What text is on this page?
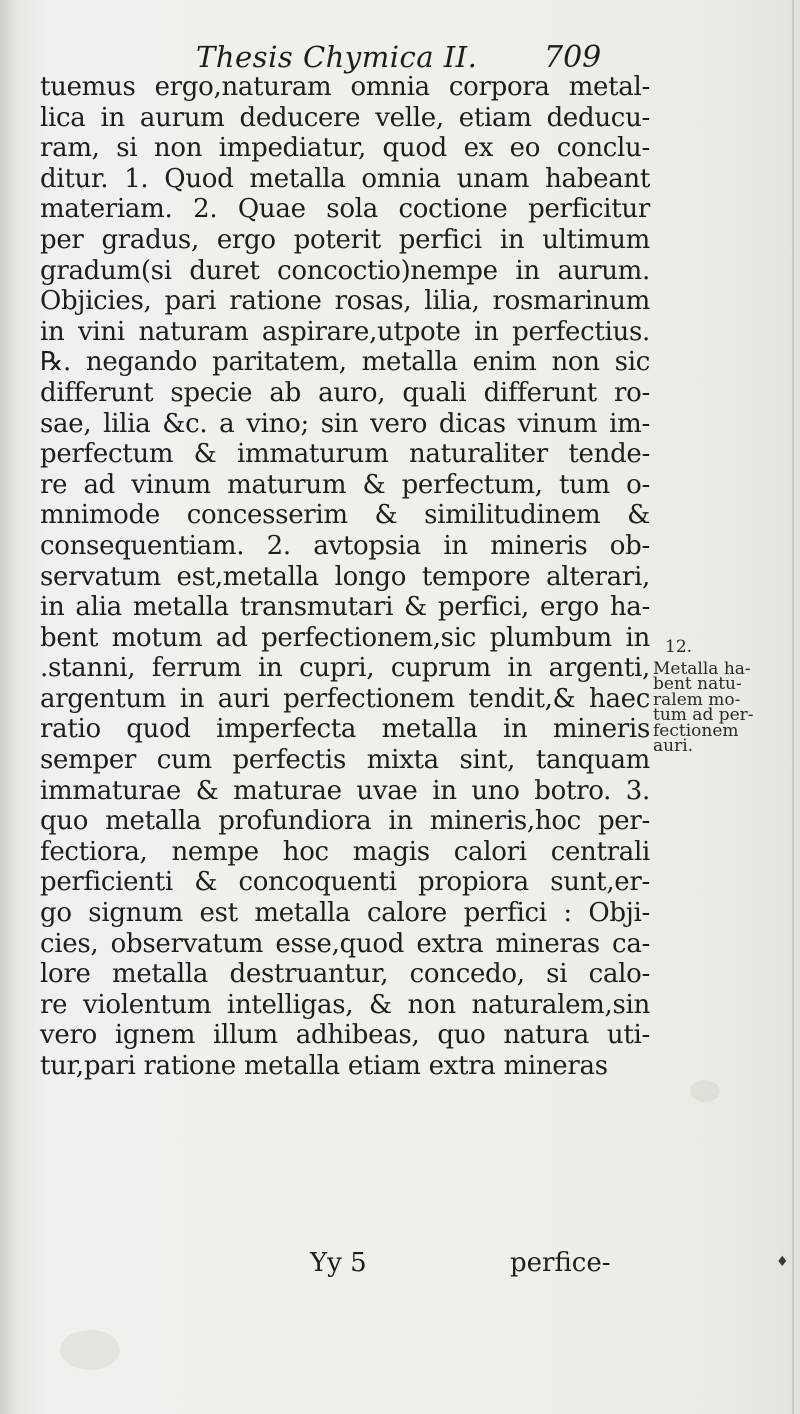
Thesis Chymica II. 709
tuemus ergo,naturam omnia corpora metal-
lica in aurum deducere velle, etiam deducu-
ram, si non impediatur, quod ex eo conclu-
ditur. 1. Quod metalla omnia unam habeant
materiam. 2. Quae sola coctione perficitur
per gradus, ergo poterit perfici in ultimum
gradum(si duret concoctio)nempe in aurum.
Objicies, pari ratione rosas, lilia, rosmarinum
in vini naturam aspirare,utpote in perfectius.
℞. negando paritatem, metalla enim non sic
differunt specie ab auro, quali differunt ro-
sae, lilia &c. a vino; sin vero dicas vinum im-
perfectum & immaturum naturaliter tende-
re ad vinum maturum & perfectum, tum o-
mnimode concesserim & similitudinem &
consequentiam. 2. avtopsia in mineris ob-
servatum est,metalla longo tempore alterari,
in alia metalla transmutari & perfici, ergo ha-
bent motum ad perfectionem,sic plumbum in
.stanni, ferrum in cupri, cuprum in argenti,
argentum in auri perfectionem tendit,& haec
ratio quod imperfecta metalla in mineris
semper cum perfectis mixta sint, tanquam
immaturae & maturae uvae in uno botro. 3.
quo metalla profundiora in mineris,hoc per-
fectiora, nempe hoc magis calori centrali
perficienti & concoquenti propiora sunt,er-
go signum est metalla calore perfici : Obji-
cies, observatum esse,quod extra mineras ca-
lore metalla destruantur, concedo, si calo-
re violentum intelligas, & non naturalem,sin
vero ignem illum adhibeas, quo natura uti-
tur,pari ratione metalla etiam extra mineras
12.
Metalla ha-
bent natu-
ralem mo-
tum ad per-
fectionem
auri.
Yy 5	perfice-	♦
